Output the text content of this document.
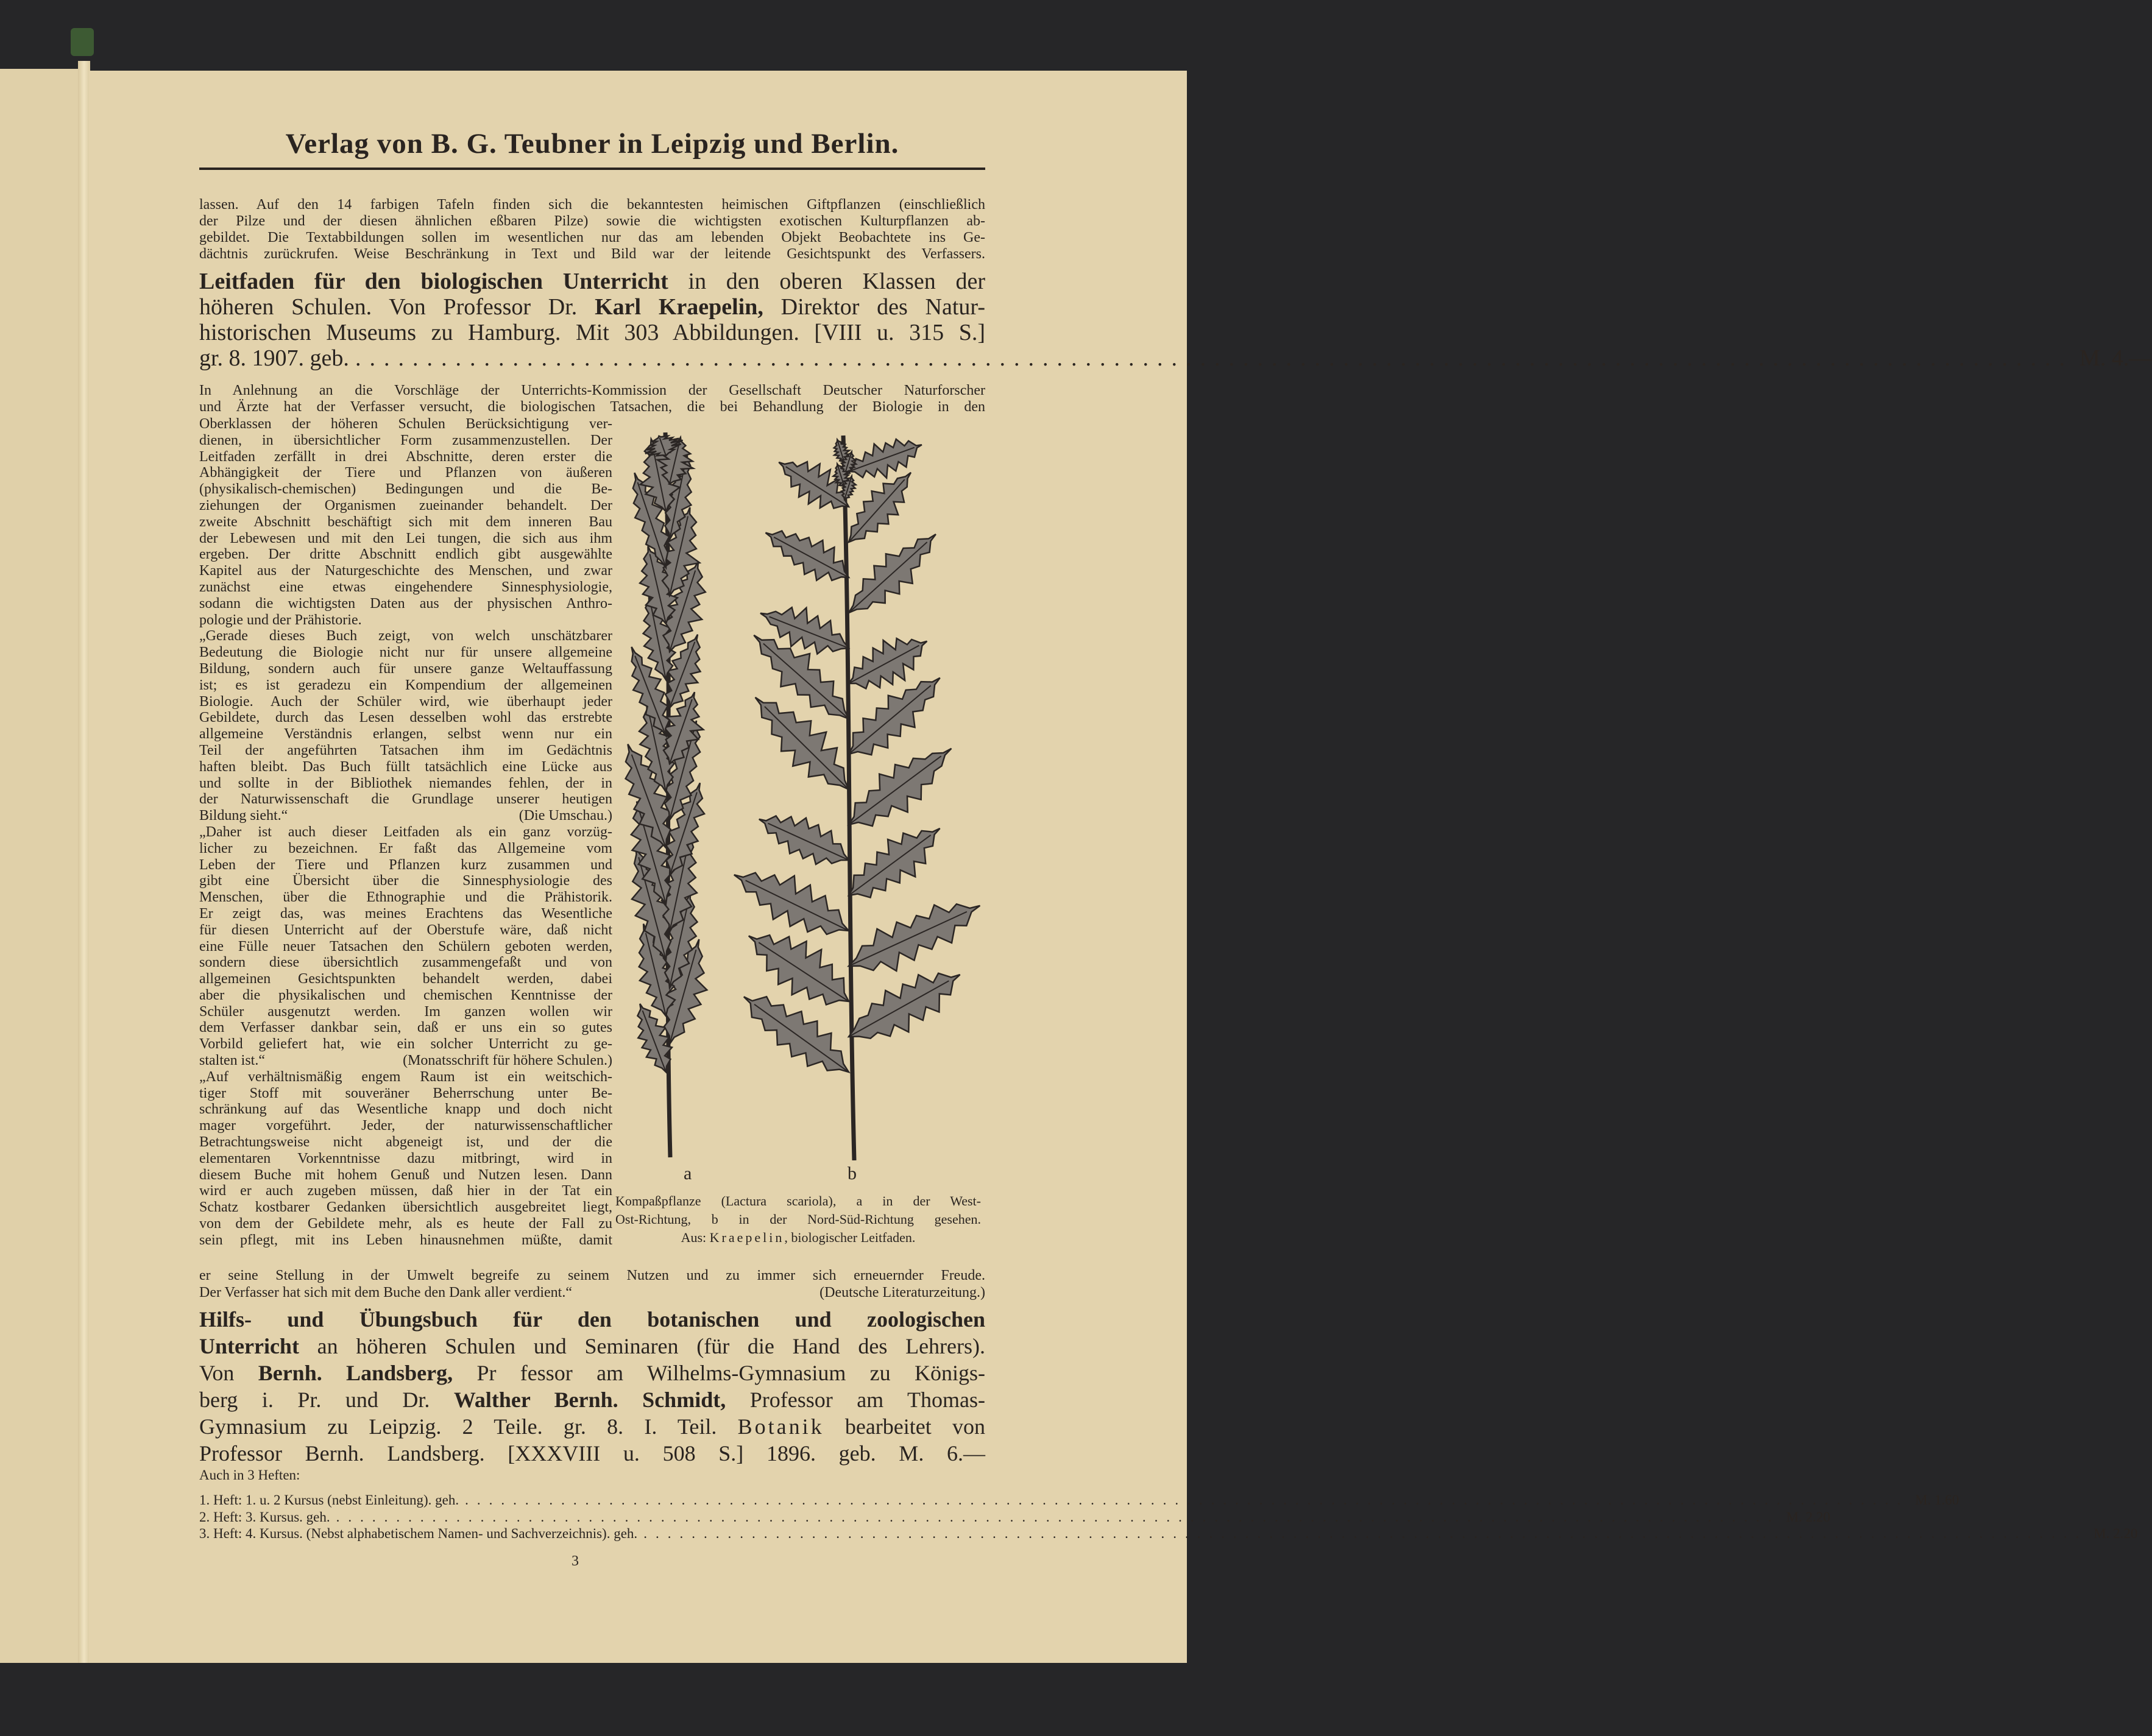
Verlag von B. G. Teubner in Leipzig und Berlin.
lassen. Auf den 14 farbigen Tafeln finden sich die bekanntesten heimischen Giftpflanzen (einschließlich
der Pilze und der diesen ähnlichen eßbaren Pilze) sowie die wichtigsten exotischen Kulturpflanzen ab-
gebildet. Die Textabbildungen sollen im wesentlichen nur das am lebenden Objekt Beobachtete ins Ge-
dächtnis zurückrufen. Weise Beschränkung in Text und Bild war der leitende Gesichtspunkt des Verfassers.
Leitfaden für den biologischen Unterricht in den oberen Klassen der
höheren Schulen. Von Professor Dr. Karl Kraepelin, Direktor des Natur-
historischen Museums zu Hamburg. Mit 303 Abbildungen. [VIII u. 315 S.]
gr. 8. 1907. geb. ........................................................................................................................ M. 4.—
In Anlehnung an die Vorschläge der Unterrichts-Kommission der Gesellschaft Deutscher Naturforscher
und Ärzte hat der Verfasser versucht, die biologischen Tatsachen, die bei Behandlung der Biologie in den
Oberklassen der höheren Schulen Berücksichtigung ver-
dienen, in übersichtlicher Form zusammenzustellen. Der
Leitfaden zerfällt in drei Abschnitte, deren erster die
Abhängigkeit der Tiere und Pflanzen von äußeren
(physikalisch-chemischen) Bedingungen und die Be-
ziehungen der Organismen zueinander behandelt. Der
zweite Abschnitt beschäftigt sich mit dem inneren Bau
der Lebewesen und mit den Lei tungen, die sich aus ihm
ergeben. Der dritte Abschnitt endlich gibt ausgewählte
Kapitel aus der Naturgeschichte des Menschen, und zwar
zunächst eine etwas eingehendere Sinnesphysiologie,
sodann die wichtigsten Daten aus der physischen Anthro-
pologie und der Prähistorie.
„Gerade dieses Buch zeigt, von welch unschätzbarer
Bedeutung die Biologie nicht nur für unsere allgemeine
Bildung, sondern auch für unsere ganze Weltauffassung
ist; es ist geradezu ein Kompendium der allgemeinen
Biologie. Auch der Schüler wird, wie überhaupt jeder
Gebildete, durch das Lesen desselben wohl das erstrebte
allgemeine Verständnis erlangen, selbst wenn nur ein
Teil der angeführten Tatsachen ihm im Gedächtnis
haften bleibt. Das Buch füllt tatsächlich eine Lücke aus
und sollte in der Bibliothek niemandes fehlen, der in
der Naturwissenschaft die Grundlage unserer heutigen
Bildung sieht.“	(Die Umschau.)
„Daher ist auch dieser Leitfaden als ein ganz vorzüg-
licher zu bezeichnen. Er faßt das Allgemeine vom
Leben der Tiere und Pflanzen kurz zusammen und
gibt eine Übersicht über die Sinnesphysiologie des
Menschen, über die Ethnographie und die Prähistorik.
Er zeigt das, was meines Erachtens das Wesentliche
für diesen Unterricht auf der Oberstufe wäre, daß nicht
eine Fülle neuer Tatsachen den Schülern geboten werden,
sondern diese übersichtlich zusammengefaßt und von
allgemeinen Gesichtspunkten behandelt werden, dabei
aber die physikalischen und chemischen Kenntnisse der
Schüler ausgenutzt werden. Im ganzen wollen wir
dem Verfasser dankbar sein, daß er uns ein so gutes
Vorbild geliefert hat, wie ein solcher Unterricht zu ge-
stalten ist.“	(Monatsschrift für höhere Schulen.)
„Auf verhältnismäßig engem Raum ist ein weitschich-
tiger Stoff mit souveräner Beherrschung unter Be-
schränkung auf das Wesentliche knapp und doch nicht
mager vorgeführt. Jeder, der naturwissenschaftlicher
Betrachtungsweise nicht abgeneigt ist, und der die
elementaren Vorkenntnisse dazu mitbringt, wird in
diesem Buche mit hohem Genuß und Nutzen lesen. Dann
wird er auch zugeben müssen, daß hier in der Tat ein
Schatz kostbarer Gedanken übersichtlich ausgebreitet liegt,
von dem der Gebildete mehr, als es heute der Fall zu
sein pflegt, mit ins Leben hinausnehmen müßte, damit
er seine Stellung in der Umwelt begreife zu seinem Nutzen und zu immer sich erneuernder Freude.
Der Verfasser hat sich mit dem Buche den Dank aller verdient.“	(Deutsche Literaturzeitung.)
a	b
Kompaßpflanze (Lactura scariola), a in der West-
Ost-Richtung, b in der Nord-Süd-Richtung gesehen.
Aus: Kraepelin, biologischer Leitfaden.
Hilfs- und Übungsbuch für den botanischen und zoologischen
Unterricht an höheren Schulen und Seminaren (für die Hand des Lehrers).
Von Bernh. Landsberg, Pr fessor am Wilhelms-Gymnasium zu Königs-
berg i. Pr. und Dr. Walther Bernh. Schmidt, Professor am Thomas-
Gymnasium zu Leipzig. 2 Teile. gr. 8. I. Teil. Botanik bearbeitet von
Professor Bernh. Landsberg. [XXXVIII u. 508 S.] 1896. geb. M. 6.—
Auch in 3 Heften:
1. Heft: 1. u. 2 Kursus (nebst Einleitung). geh. ........................................................................................................................ M. 1.60
2. Heft: 3. Kursus. geh. ........................................................................................................................ M. 2.20
3. Heft: 4. Kursus. (Nebst alphabetischem Namen- und Sachverzeichnis). geh. ........................................................................................................................ M. 2.20
3
